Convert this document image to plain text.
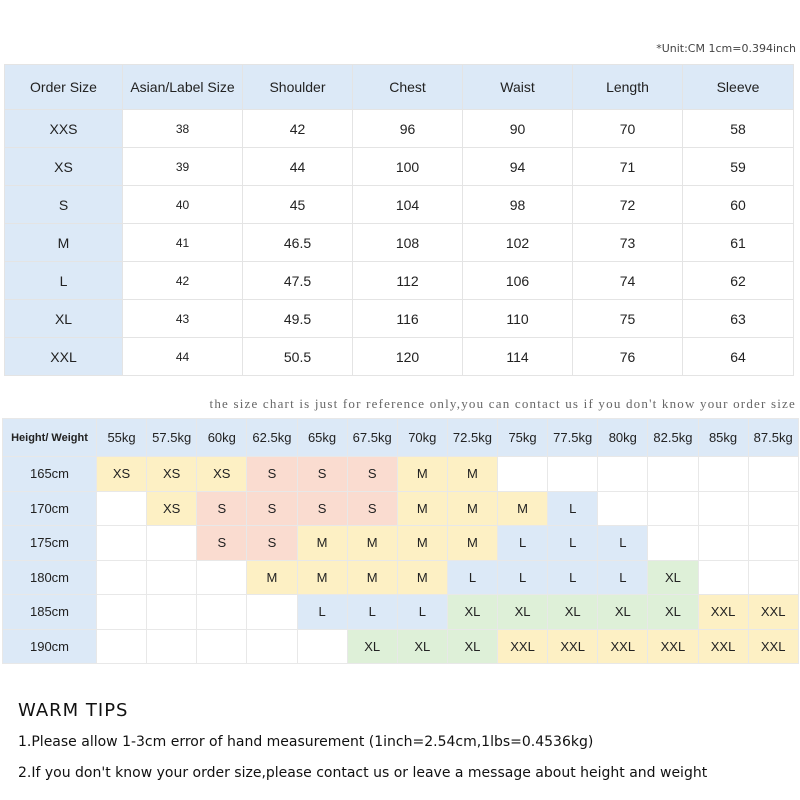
*Unit:CM 1cm=0.394inch
Order Size	Asian/Label Size	Shoulder	Chest	Waist	Length	Sleeve
XXS	38	42	96	90	70	58
XS	39	44	100	94	71	59
S	40	45	104	98	72	60
M	41	46.5	108	102	73	61
L	42	47.5	112	106	74	62
XL	43	49.5	116	110	75	63
XXL	44	50.5	120	114	76	64
the size chart is just for reference only,you can contact us if you don't know your order size
Height/ Weight	55kg	57.5kg	60kg	62.5kg	65kg	67.5kg	70kg	72.5kg	75kg	77.5kg	80kg	82.5kg	85kg	87.5kg
165cm	XS	XS	XS	S	S	S	M	M						
170cm		XS	S	S	S	S	M	M	M	L				
175cm			S	S	M	M	M	M	L	L	L			
180cm				M	M	M	M	L	L	L	L	XL		
185cm					L	L	L	XL	XL	XL	XL	XL	XXL	XXL
190cm						XL	XL	XL	XXL	XXL	XXL	XXL	XXL	XXL
WARM TIPS
1.Please allow 1-3cm error of hand measurement (1inch=2.54cm,1lbs=0.4536kg)
2.If you don't know your order size,please contact us or leave a message about height and weight
